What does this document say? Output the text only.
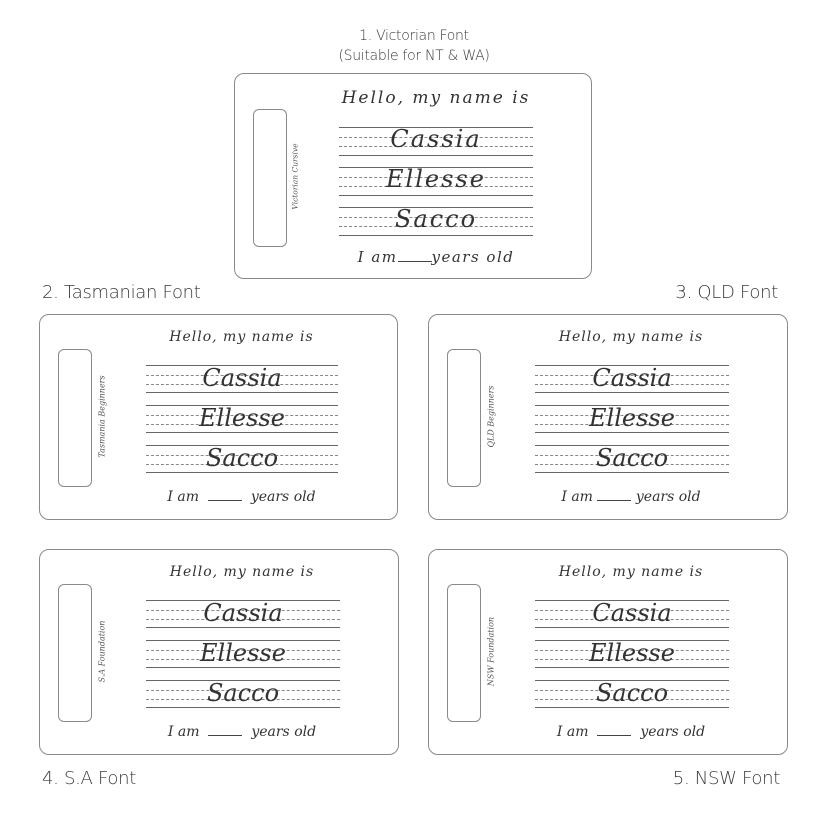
1. Victorian Font
(Suitable for NT & WA)
2. Tasmanian Font	3. QLD Font
4. S.A Font	5. NSW Font
Victorian Cursive
Hello, my name is
Cassia
Ellesse
Sacco
I am years old
Tasmania Beginners
Hello, my name is
Cassia
Ellesse
Sacco
I am	years old
QLD Beginners
Hello, my name is
Cassia
Ellesse
Sacco
I am	years old
S.A Foundation
Hello, my name is
Cassia
Ellesse
Sacco
I am	years old
NSW Foundation
Hello, my name is
Cassia
Ellesse
Sacco
I am	years old
